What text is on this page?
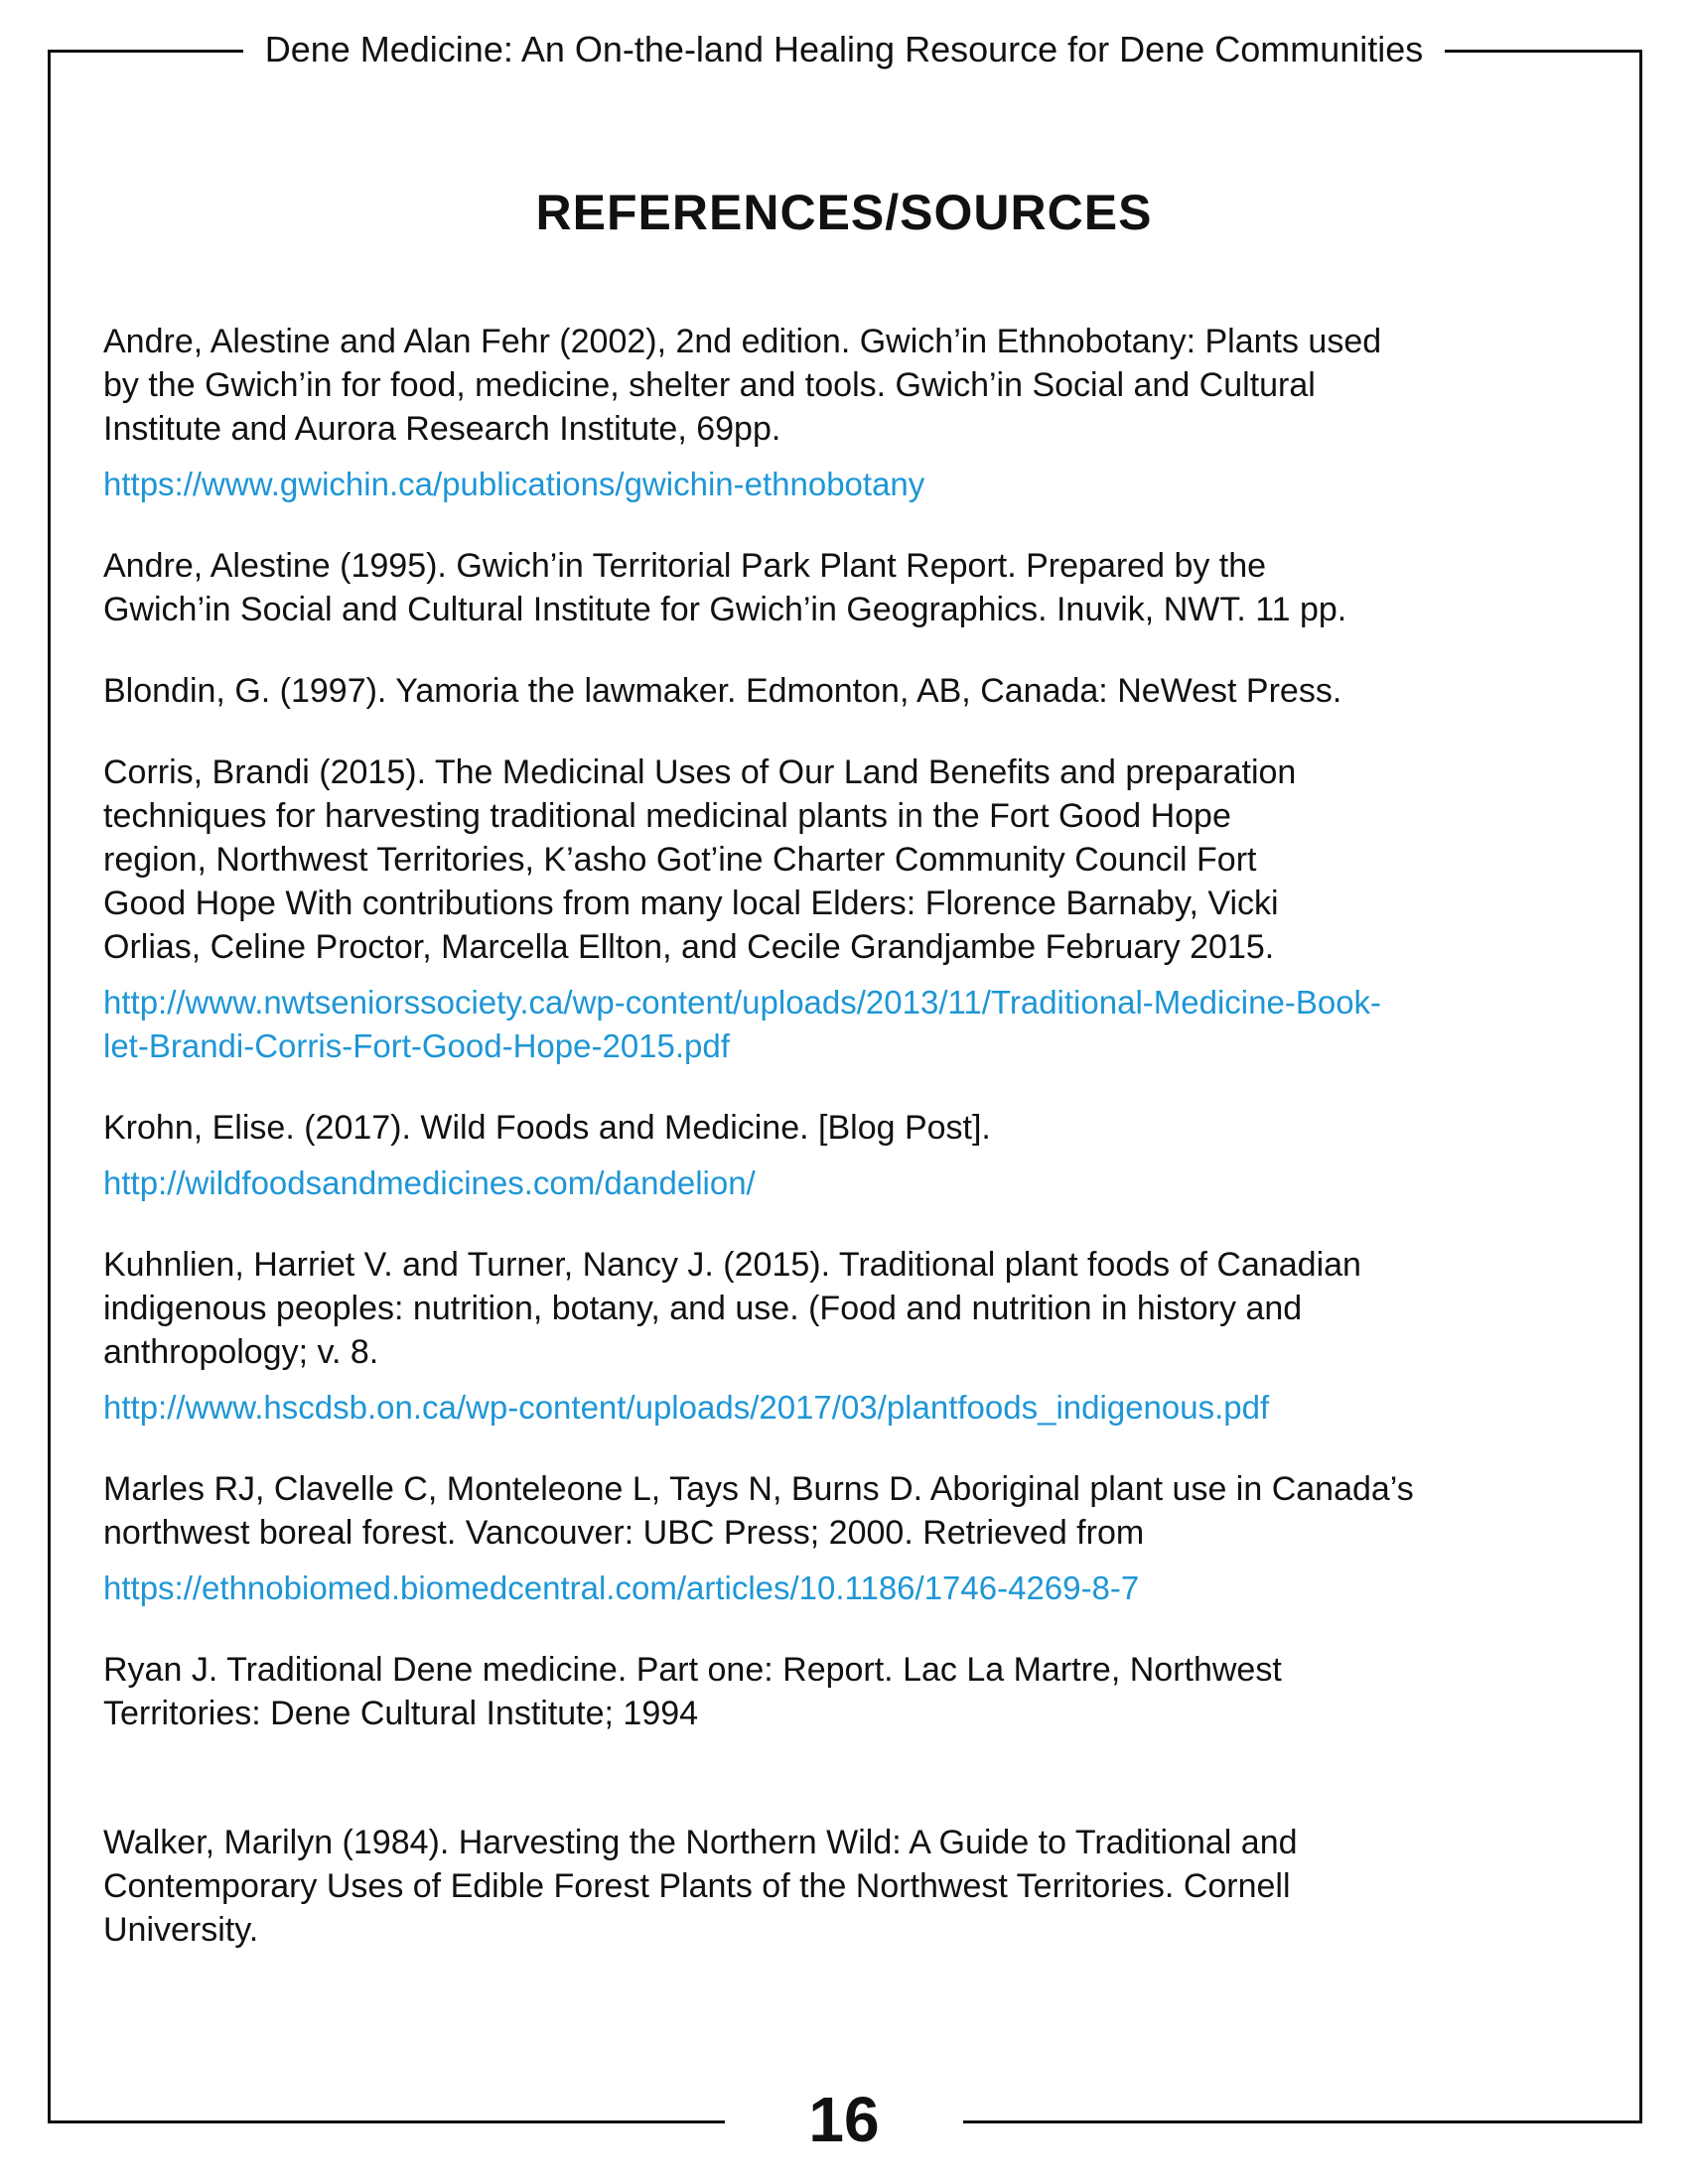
Dene Medicine: An On-the-land Healing Resource for Dene Communities
REFERENCES/SOURCES

Andre, Alestine and Alan Fehr (2002), 2nd edition. Gwich’in Ethnobotany: Plants used
by the Gwich’in for food, medicine, shelter and tools. Gwich’in Social and Cultural
Institute and Aurora Research Institute, 69pp.

https://www.gwichin.ca/publications/gwichin-ethnobotany

Andre, Alestine (1995). Gwich’in Territorial Park Plant Report. Prepared by the
Gwich’in Social and Cultural Institute for Gwich’in Geographics. Inuvik, NWT. 11 pp.

Blondin, G. (1997). Yamoria the lawmaker. Edmonton, AB, Canada: NeWest Press.

Corris, Brandi (2015). The Medicinal Uses of Our Land Benefits and preparation
techniques for harvesting traditional medicinal plants in the Fort Good Hope
region, Northwest Territories, K’asho Got’ine Charter Community Council Fort
Good Hope With contributions from many local Elders: Florence Barnaby, Vicki
Orlias, Celine Proctor, Marcella Ellton, and Cecile Grandjambe February 2015.

http://www.nwtseniorssociety.ca/wp-content/uploads/2013/11/Traditional-Medicine-Book-
let-Brandi-Corris-Fort-Good-Hope-2015.pdf

Krohn, Elise. (2017). Wild Foods and Medicine. [Blog Post].

http://wildfoodsandmedicines.com/dandelion/

Kuhnlien, Harriet V. and Turner, Nancy J. (2015). Traditional plant foods of Canadian
indigenous peoples: nutrition, botany, and use. (Food and nutrition in history and
anthropology; v. 8.

http://www.hscdsb.on.ca/wp-content/uploads/2017/03/plantfoods_indigenous.pdf

Marles RJ, Clavelle C, Monteleone L, Tays N, Burns D. Aboriginal plant use in Canada’s
northwest boreal forest. Vancouver: UBC Press; 2000. Retrieved from

https://ethnobiomed.biomedcentral.com/articles/10.1186/1746-4269-8-7

Ryan J. Traditional Dene medicine. Part one: Report. Lac La Martre, Northwest
Territories: Dene Cultural Institute; 1994

Walker, Marilyn (1984). Harvesting the Northern Wild: A Guide to Traditional and
Contemporary Uses of Edible Forest Plants of the Northwest Territories. Cornell
University.

16
